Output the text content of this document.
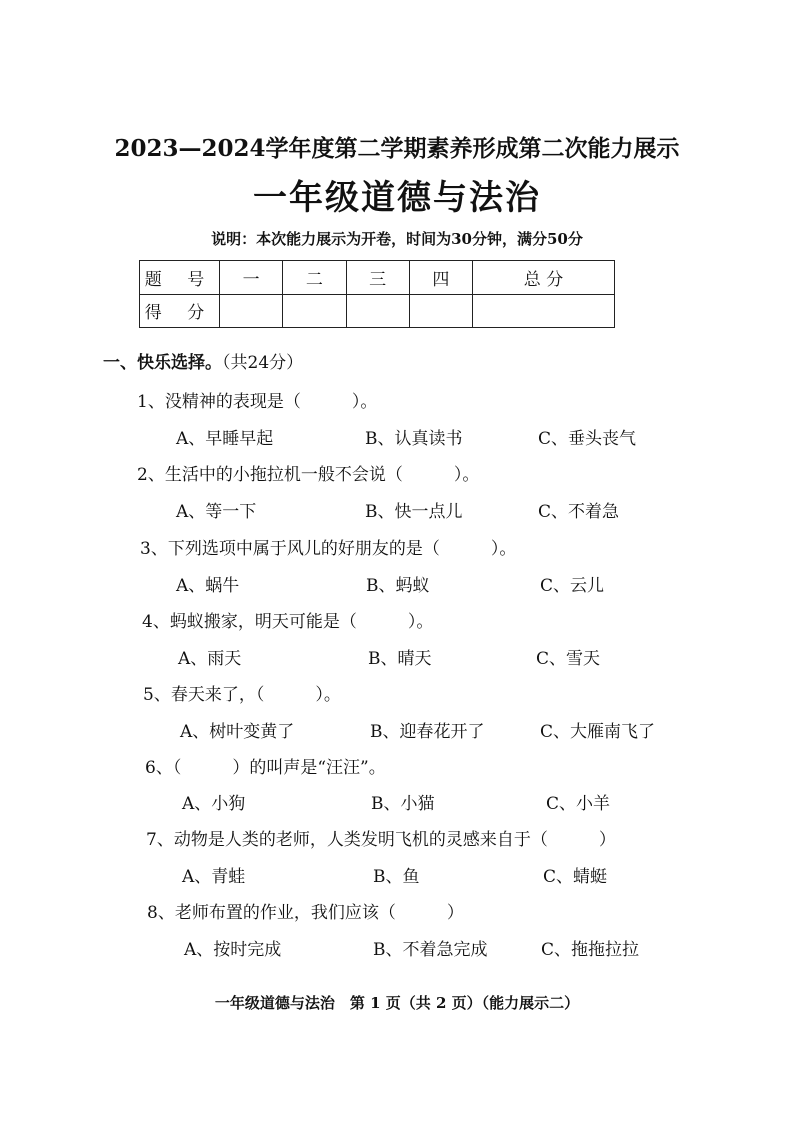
2023—2024学年度第二学期素养形成第二次能力展示
一年级道德与法治
说明：本次能力展示为开卷，时间为30分钟，满分50分
题 号	一	二	三	四	总 分
得 分					
一、快乐选择。（共24分）
1、没精神的表现是（　　　）。
A、早睡早起	B、认真读书	C、垂头丧气
2、生活中的小拖拉机一般不会说（　　　）。
A、等一下	B、快一点儿	C、不着急
3、下列选项中属于风儿的好朋友的是（　　　）。
A、蜗牛	B、蚂蚁	C、云儿
4、蚂蚁搬家，明天可能是（　　　）。
A、雨天	B、晴天	C、雪天
5、春天来了，（　　　）。
A、树叶变黄了	B、迎春花开了	C、大雁南飞了
6、（　　　）的叫声是“汪汪”。
A、小狗	B、小猫	C、小羊
7、动物是人类的老师，人类发明飞机的灵感来自于（　　　）
A、青蛙	B、鱼	C、蜻蜓
8、老师布置的作业，我们应该（　　　）
A、按时完成	B、不着急完成	C、拖拖拉拉
一年级道德与法治　第 1 页（共 2 页）（能力展示二）
